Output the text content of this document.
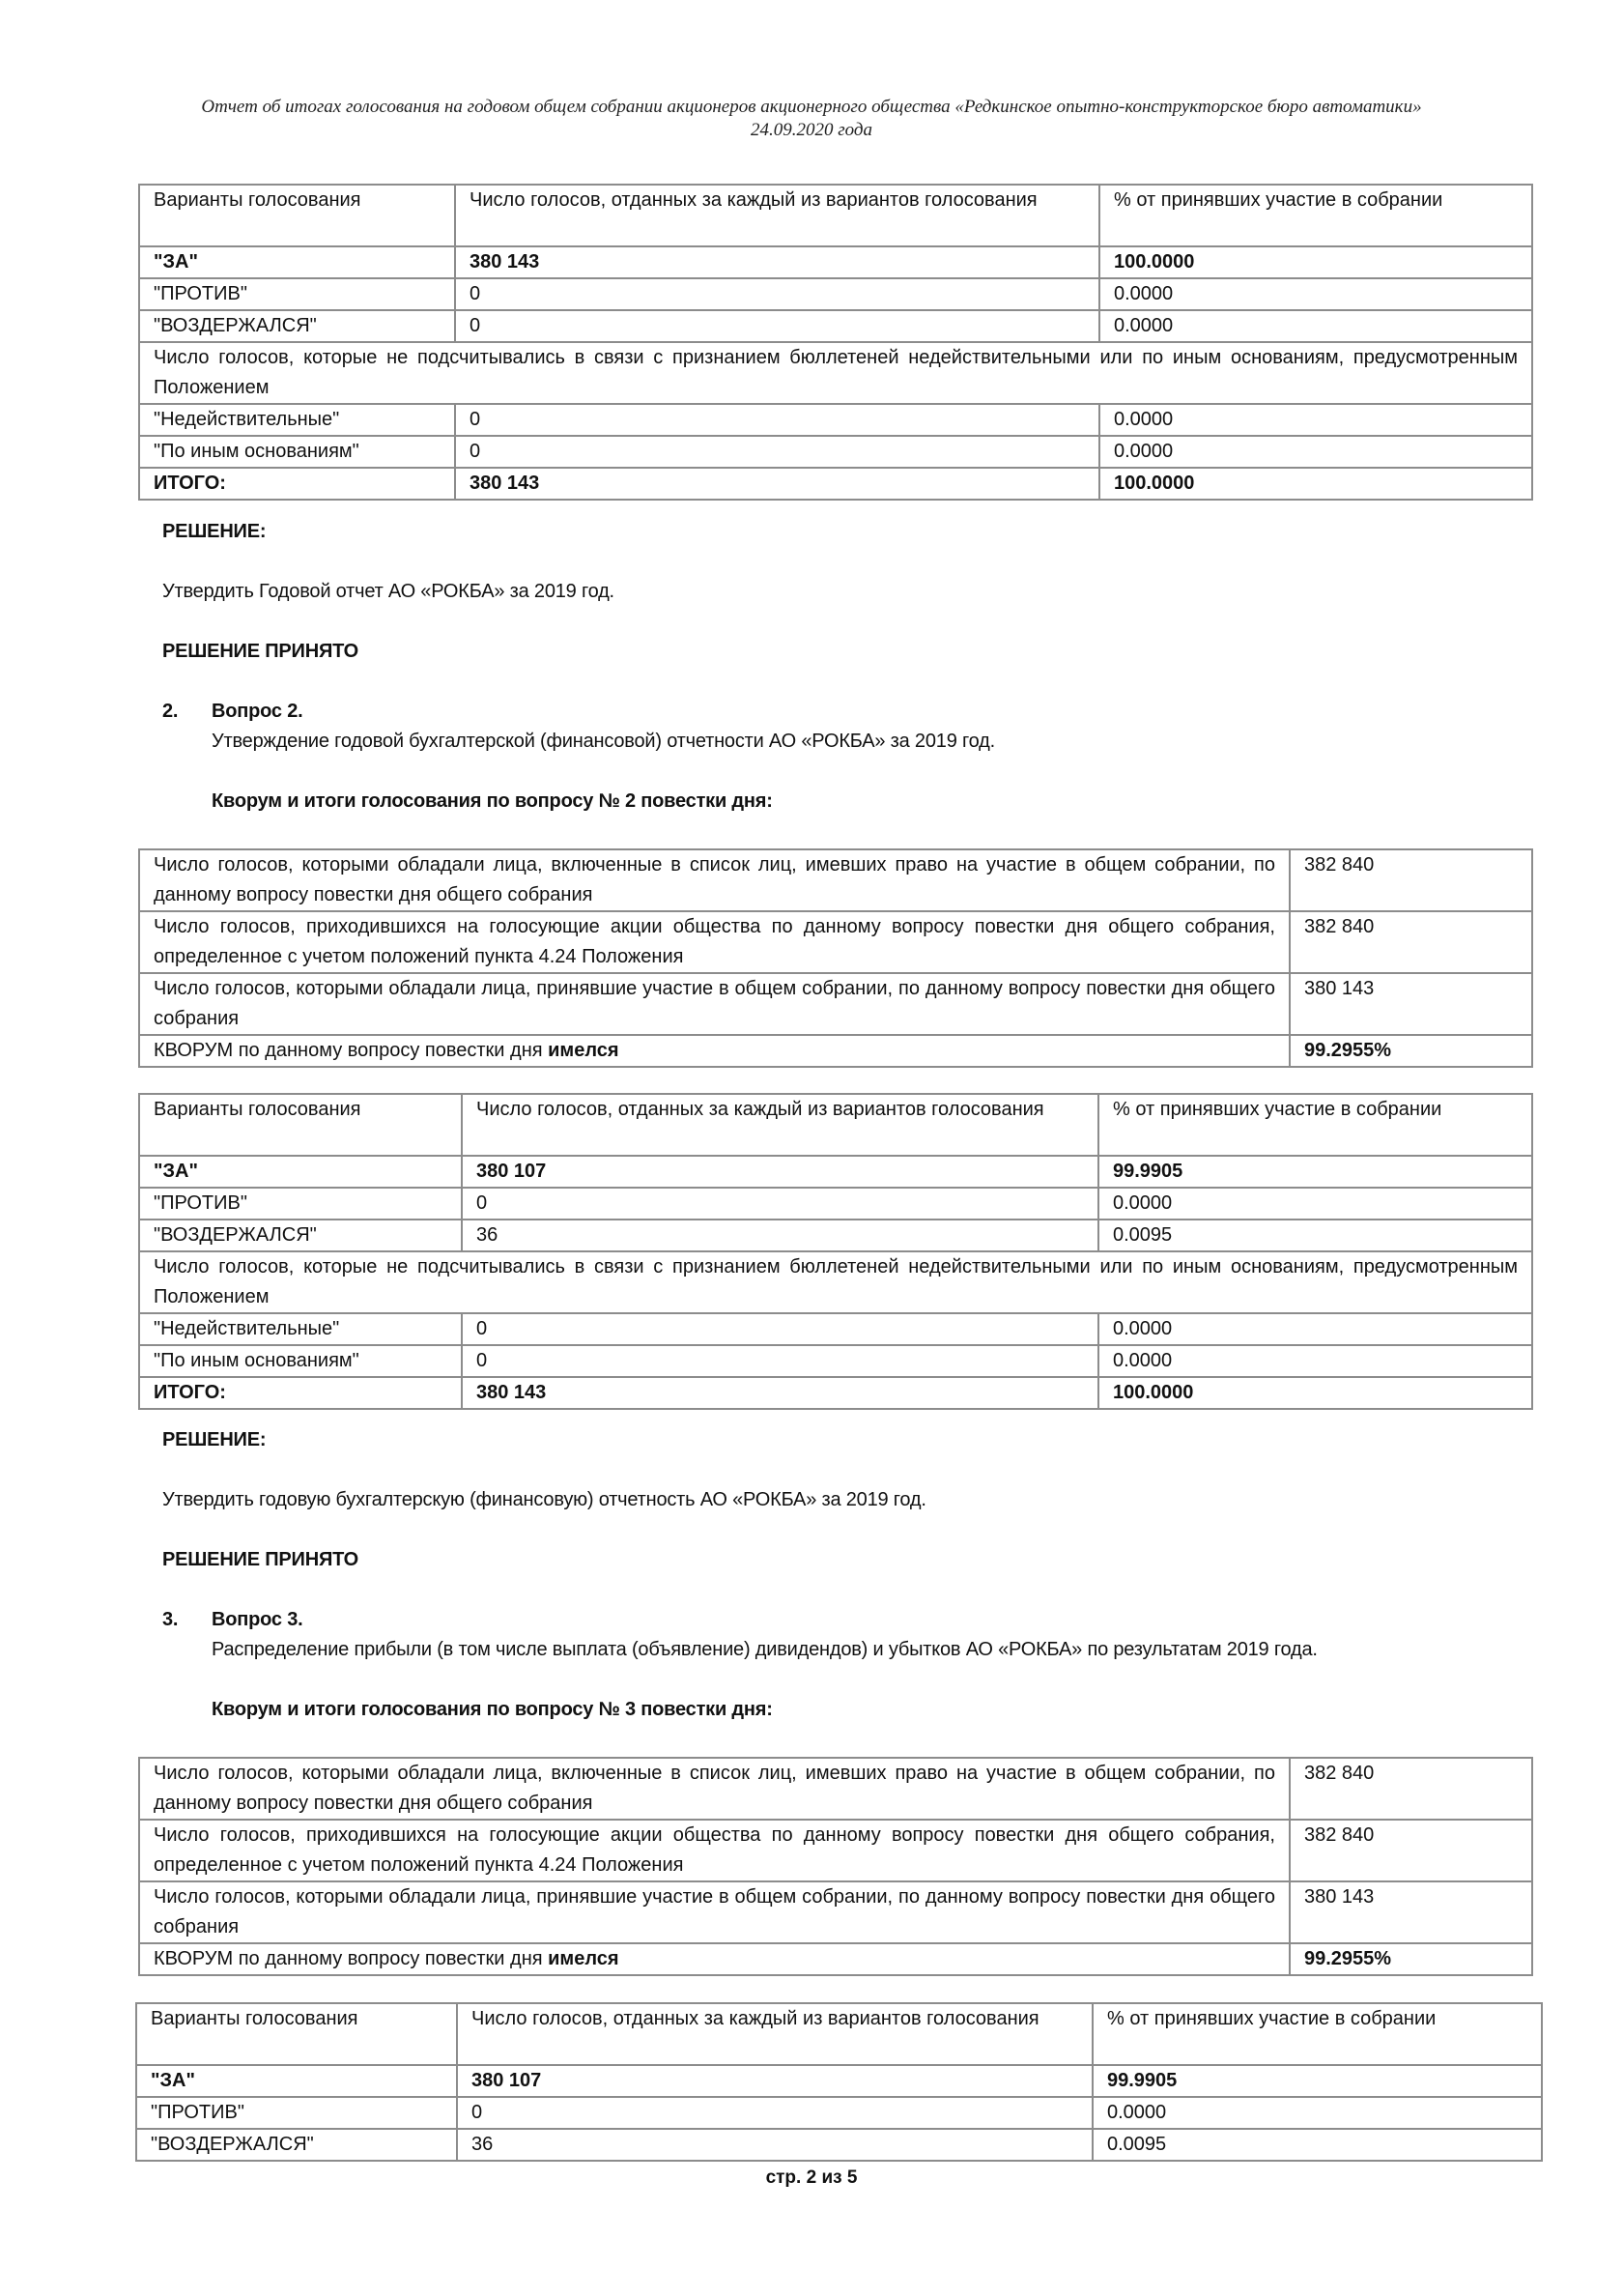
Отчет об итогах голосования на годовом общем собрании акционеров акционерного общества «Редкинское опытно-конструкторское бюро автоматики»
24.09.2020 года
Варианты голосования	Число голосов, отданных за каждый из вариантов голосования	% от принявших участие в собрании
"ЗА"	380 143	100.0000
"ПРОТИВ"	0	0.0000
"ВОЗДЕРЖАЛСЯ"	0	0.0000
Число голосов, которые не подсчитывались в связи с признанием бюллетеней недействительными или по иным основаниям, предусмотренным Положением		
"Недействительные"	0	0.0000
"По иным основаниям"	0	0.0000
ИТОГО:	380 143	100.0000
РЕШЕНИЕ:
Утвердить Годовой отчет АО «РОКБА» за 2019 год.
РЕШЕНИЕ ПРИНЯТО
2. Вопрос 2.
Утверждение годовой бухгалтерской (финансовой) отчетности АО «РОКБА» за 2019 год.
Кворум и итоги голосования по вопросу № 2 повестки дня:
Число голосов, которыми обладали лица, включенные в список лиц, имевших право на участие в общем собрании, по данному вопросу повестки дня общего собрания	382 840
Число голосов, приходившихся на голосующие акции общества по данному вопросу повестки дня общего собрания, определенное с учетом положений пункта 4.24 Положения	382 840
Число голосов, которыми обладали лица, принявшие участие в общем собрании, по данному вопросу повестки дня общего собрания	380 143
КВОРУМ по данному вопросу повестки дня имелся	99.2955%
Варианты голосования	Число голосов, отданных за каждый из вариантов голосования	% от принявших участие в собрании
"ЗА"	380 107	99.9905
"ПРОТИВ"	0	0.0000
"ВОЗДЕРЖАЛСЯ"	36	0.0095
Число голосов, которые не подсчитывались в связи с признанием бюллетеней недействительными или по иным основаниям, предусмотренным Положением		
"Недействительные"	0	0.0000
"По иным основаниям"	0	0.0000
ИТОГО:	380 143	100.0000
РЕШЕНИЕ:
Утвердить годовую бухгалтерскую (финансовую) отчетность АО «РОКБА» за 2019 год.
РЕШЕНИЕ ПРИНЯТО
3. Вопрос 3.
Распределение прибыли (в том числе выплата (объявление) дивидендов) и убытков АО «РОКБА» по результатам 2019 года.
Кворум и итоги голосования по вопросу № 3 повестки дня:
Число голосов, которыми обладали лица, включенные в список лиц, имевших право на участие в общем собрании, по данному вопросу повестки дня общего собрания	382 840
Число голосов, приходившихся на голосующие акции общества по данному вопросу повестки дня общего собрания, определенное с учетом положений пункта 4.24 Положения	382 840
Число голосов, которыми обладали лица, принявшие участие в общем собрании, по данному вопросу повестки дня общего собрания	380 143
КВОРУМ по данному вопросу повестки дня имелся	99.2955%
Варианты голосования	Число голосов, отданных за каждый из вариантов голосования	% от принявших участие в собрании
"ЗА"	380 107	99.9905
"ПРОТИВ"	0	0.0000
"ВОЗДЕРЖАЛСЯ"	36	0.0095
стр. 2 из 5
